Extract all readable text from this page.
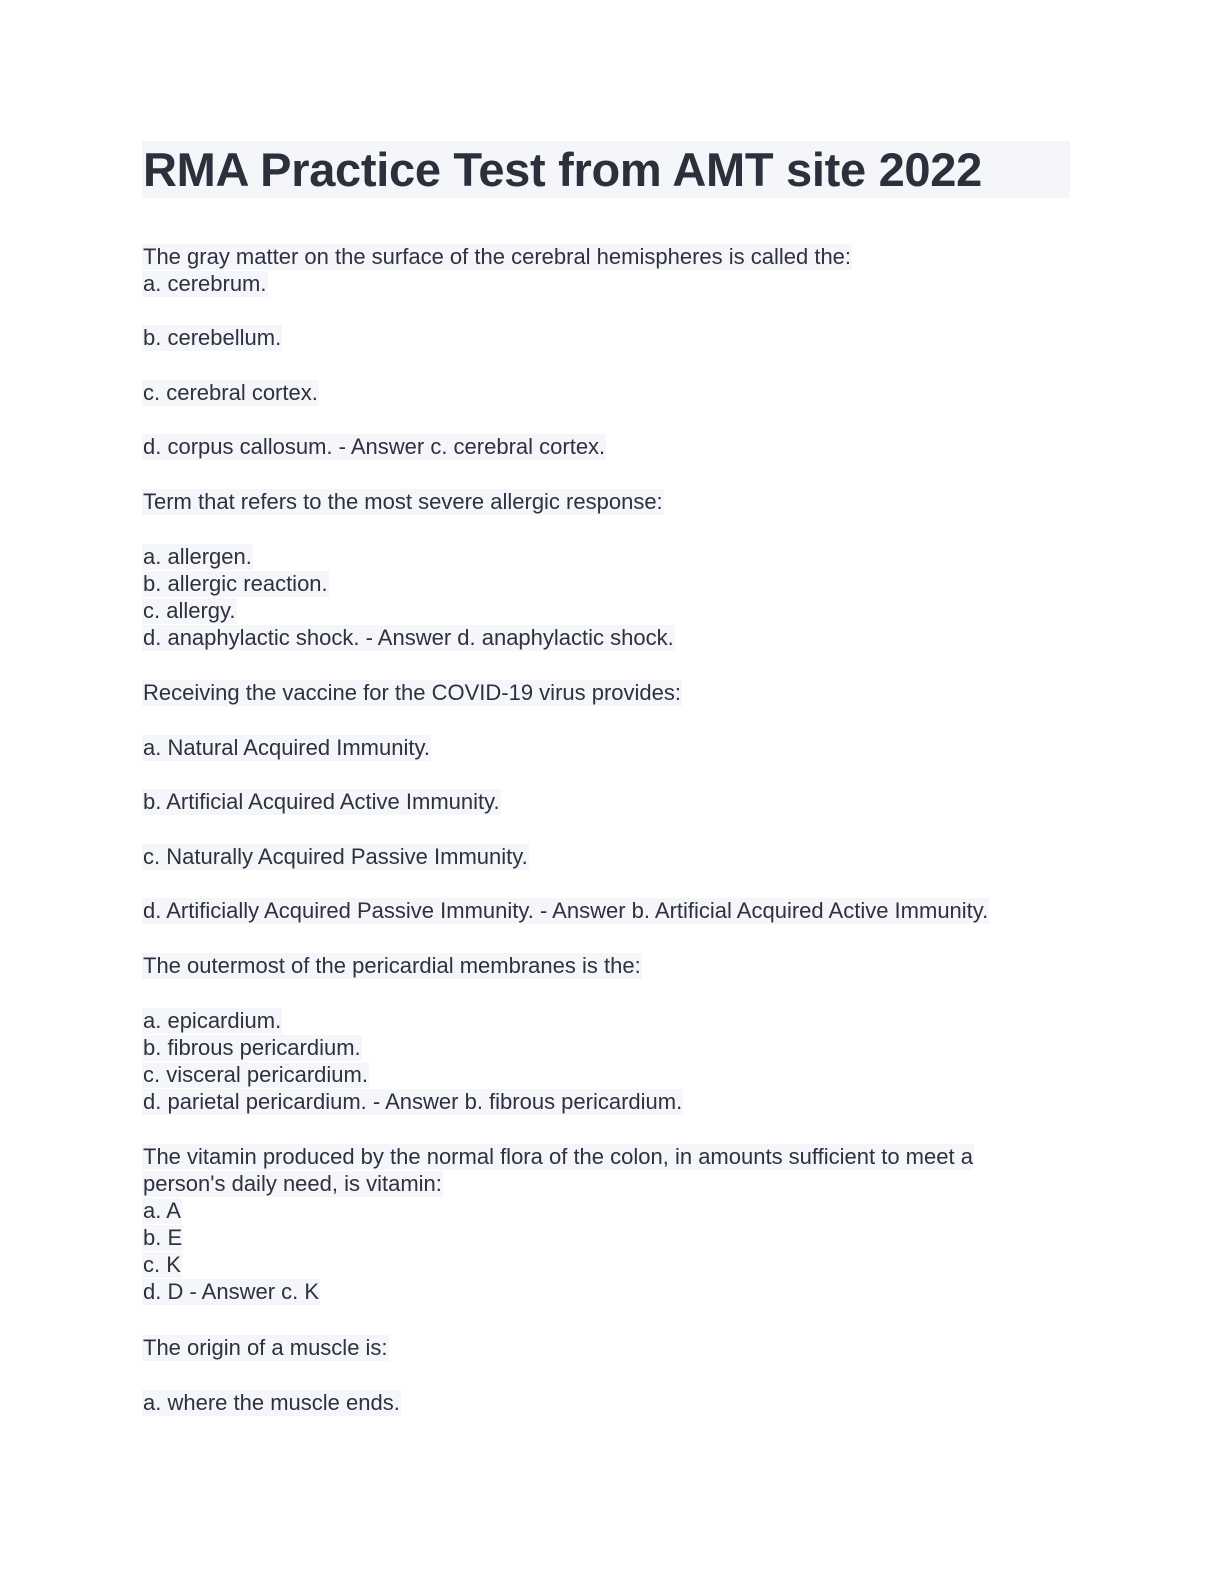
RMA Practice Test from AMT site 2022
The gray matter on the surface of the cerebral hemispheres is called the:
a. cerebrum.
b. cerebellum.
c. cerebral cortex.
d. corpus callosum. - Answer c. cerebral cortex.
Term that refers to the most severe allergic response:
a. allergen.
b. allergic reaction.
c. allergy.
d. anaphylactic shock. - Answer d. anaphylactic shock.
Receiving the vaccine for the COVID-19 virus provides:
a. Natural Acquired Immunity.
b. Artificial Acquired Active Immunity.
c. Naturally Acquired Passive Immunity.
d. Artificially Acquired Passive Immunity. - Answer b. Artificial Acquired Active Immunity.
The outermost of the pericardial membranes is the:
a. epicardium.
b. fibrous pericardium.
c. visceral pericardium.
d. parietal pericardium. - Answer b. fibrous pericardium.
The vitamin produced by the normal flora of the colon, in amounts sufficient to meet a
person's daily need, is vitamin:
a. A
b. E
c. K
d. D - Answer c. K
The origin of a muscle is:
a. where the muscle ends.
